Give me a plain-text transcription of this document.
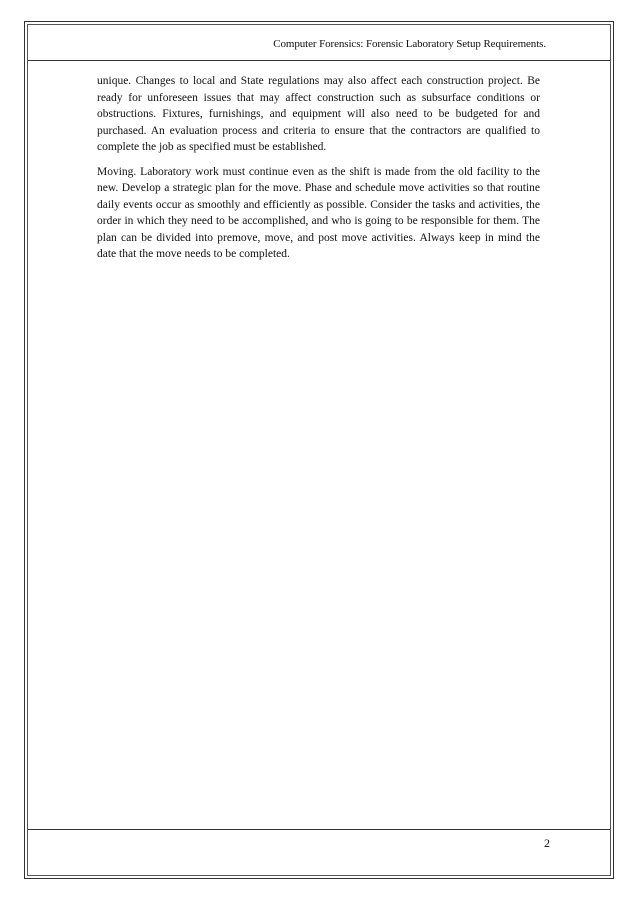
Computer Forensics: Forensic Laboratory Setup Requirements.

unique. Changes to local and State regulations may also affect each construction project. Be ready for unforeseen issues that may affect construction such as subsurface conditions or obstructions. Fixtures, furnishings, and equipment will also need to be budgeted for and purchased. An evaluation process and criteria to ensure that the contractors are qualified to complete the job as specified must be established.

Moving. Laboratory work must continue even as the shift is made from the old facility to the new. Develop a strategic plan for the move. Phase and schedule move activities so that routine daily events occur as smoothly and efficiently as possible. Consider the tasks and activities, the order in which they need to be accomplished, and who is going to be responsible for them. The plan can be divided into premove, move, and post move activities. Always keep in mind the date that the move needs to be completed.

2
